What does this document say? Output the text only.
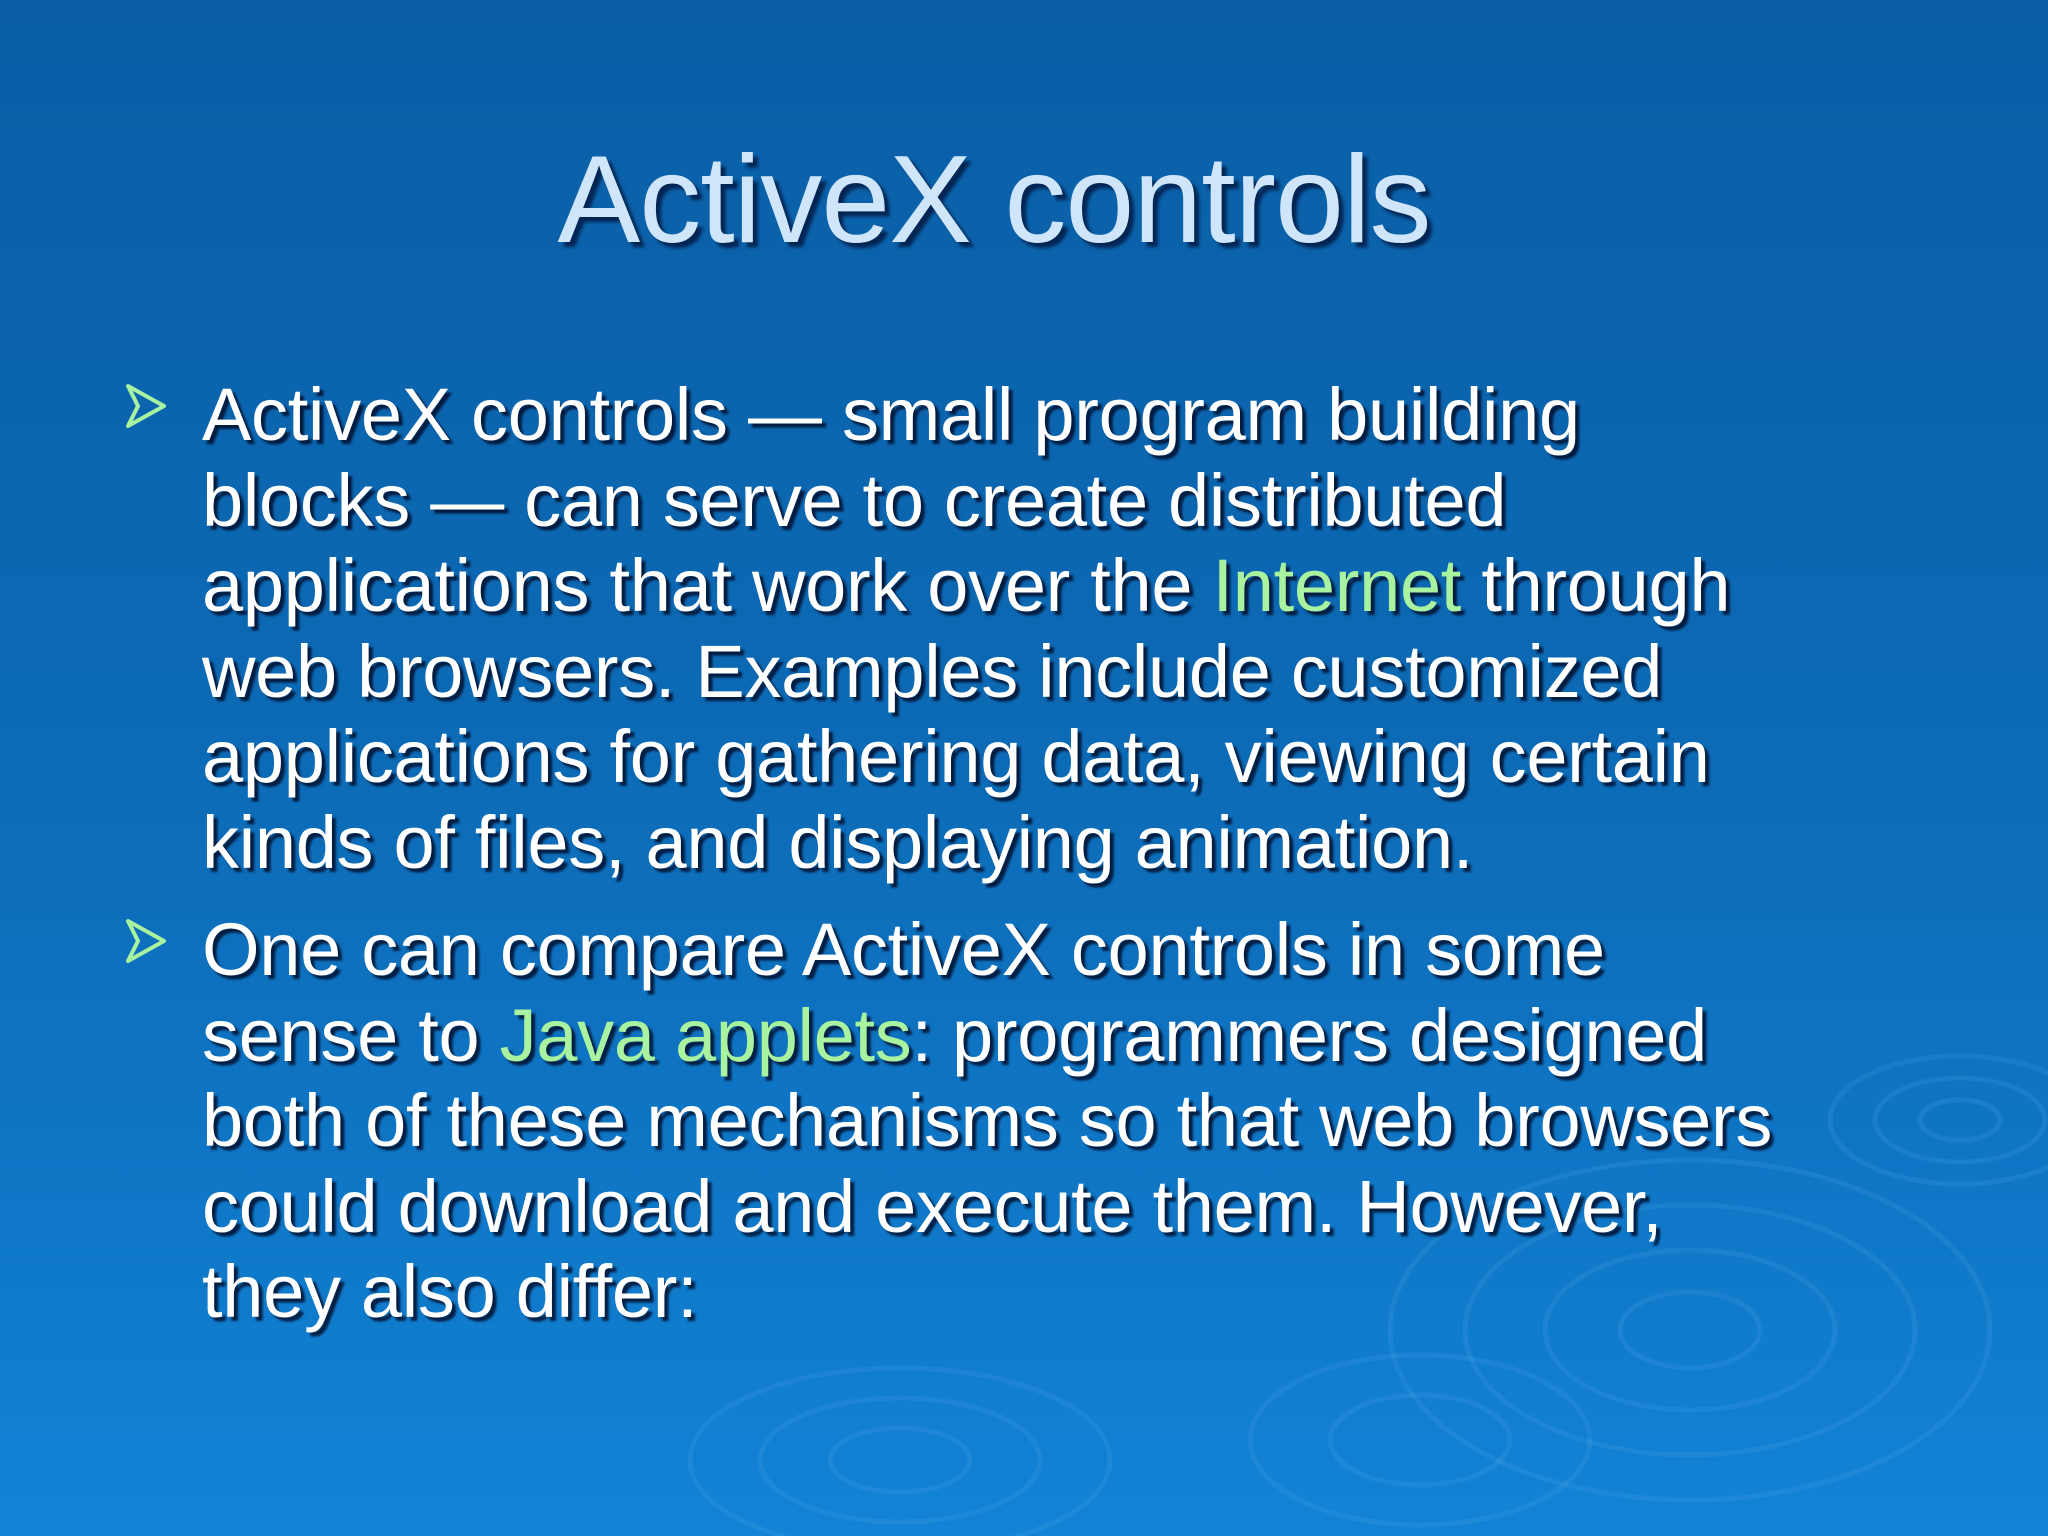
ActiveX controls
ActiveX controls — small program building
blocks — can serve to create distributed
applications that work over the Internet through
web browsers. Examples include customized
applications for gathering data, viewing certain
kinds of files, and displaying animation.
One can compare ActiveX controls in some
sense to Java applets: programmers designed
both of these mechanisms so that web browsers
could download and execute them. However,
they also differ:
